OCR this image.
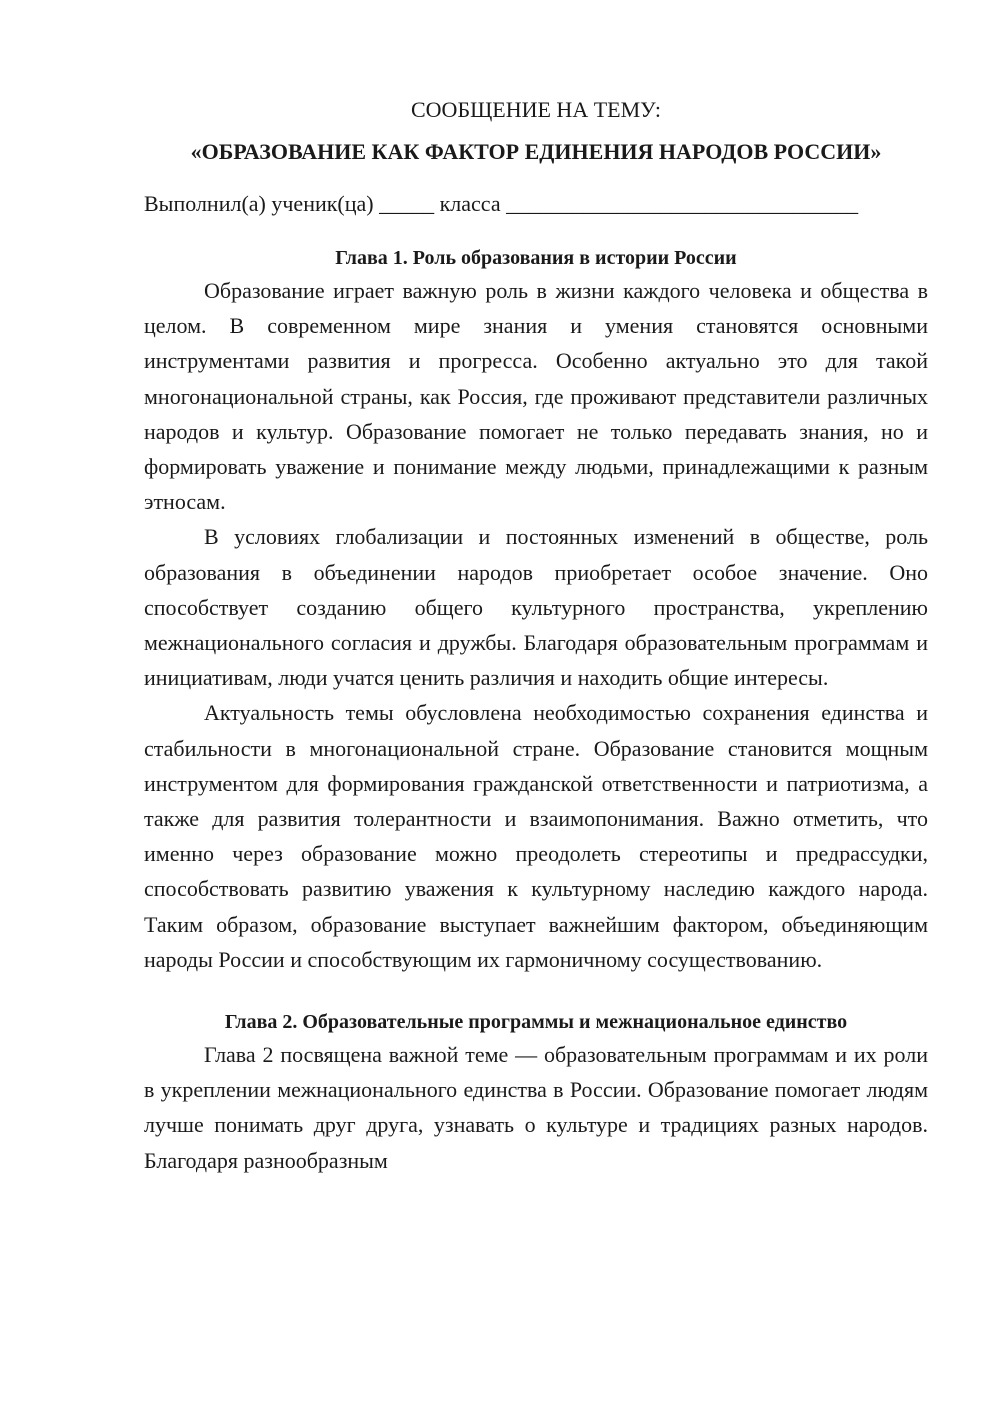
СООБЩЕНИЕ НА ТЕМУ:
«ОБРАЗОВАНИЕ КАК ФАКТОР ЕДИНЕНИЯ НАРОДОВ РОССИИ»
Выполнил(а) ученик(ца) _____ класса ________________________________
Глава 1. Роль образования в истории России

Образование играет важную роль в жизни каждого человека и общества в целом. В современном мире знания и умения становятся основными инструментами развития и прогресса. Особенно актуально это для такой многонациональной страны, как Россия, где проживают представители различных народов и культур. Образование помогает не только передавать знания, но и формировать уважение и понимание между людьми, принадлежащими к разным этносам.

В условиях глобализации и постоянных изменений в обществе, роль образования в объединении народов приобретает особое значение. Оно способствует созданию общего культурного пространства, укреплению межнационального согласия и дружбы. Благодаря образовательным программам и инициативам, люди учатся ценить различия и находить общие интересы.

Актуальность темы обусловлена необходимостью сохранения единства и стабильности в многонациональной стране. Образование становится мощным инструментом для формирования гражданской ответственности и патриотизма, а также для развития толерантности и взаимопонимания. Важно отметить, что именно через образование можно преодолеть стереотипы и предрассудки, способствовать развитию уважения к культурному наследию каждого народа. Таким образом, образование выступает важнейшим фактором, объединяющим народы России и способствующим их гармоничному сосуществованию.

Глава 2. Образовательные программы и межнациональное единство

Глава 2 посвящена важной теме — образовательным программам и их роли в укреплении межнационального единства в России. Образование помогает людям лучше понимать друг друга, узнавать о культуре и традициях разных народов. Благодаря разнообразным
